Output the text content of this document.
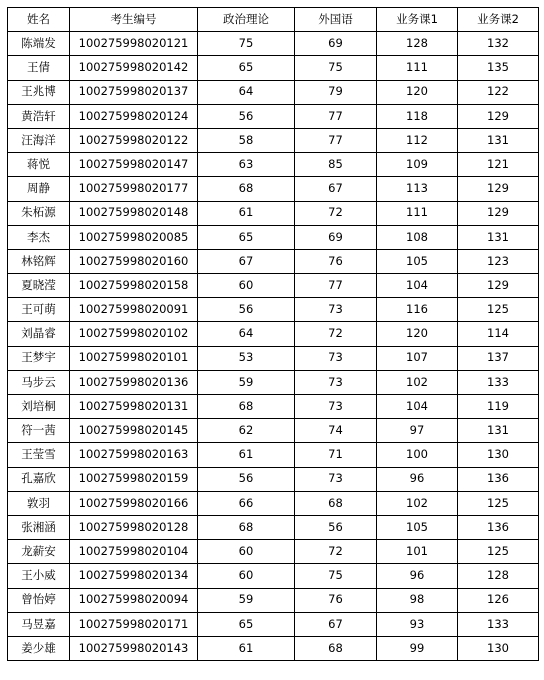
姓名	考生编号	政治理论	外国语	业务课1	业务课2
陈端发	100275998020121	75	69	128	132
王倩	100275998020142	65	75	111	135
王兆博	100275998020137	64	79	120	122
黄浩轩	100275998020124	56	77	118	129
汪海洋	100275998020122	58	77	112	131
蒋悦	100275998020147	63	85	109	121
周静	100275998020177	68	67	113	129
朱柘源	100275998020148	61	72	111	129
李杰	100275998020085	65	69	108	131
林铭辉	100275998020160	67	76	105	123
夏晓滢	100275998020158	60	77	104	129
王可萌	100275998020091	56	73	116	125
刘晶睿	100275998020102	64	72	120	114
王梦宇	100275998020101	53	73	107	137
马步云	100275998020136	59	73	102	133
刘培桐	100275998020131	68	73	104	119
符一茜	100275998020145	62	74	97	131
王莹雪	100275998020163	61	71	100	130
孔嘉欣	100275998020159	56	73	96	136
敦羽	100275998020166	66	68	102	125
张湘涵	100275998020128	68	56	105	136
龙薪安	100275998020104	60	72	101	125
王小威	100275998020134	60	75	96	128
曾怡婷	100275998020094	59	76	98	126
马昱嘉	100275998020171	65	67	93	133
姜少雄	100275998020143	61	68	99	130
